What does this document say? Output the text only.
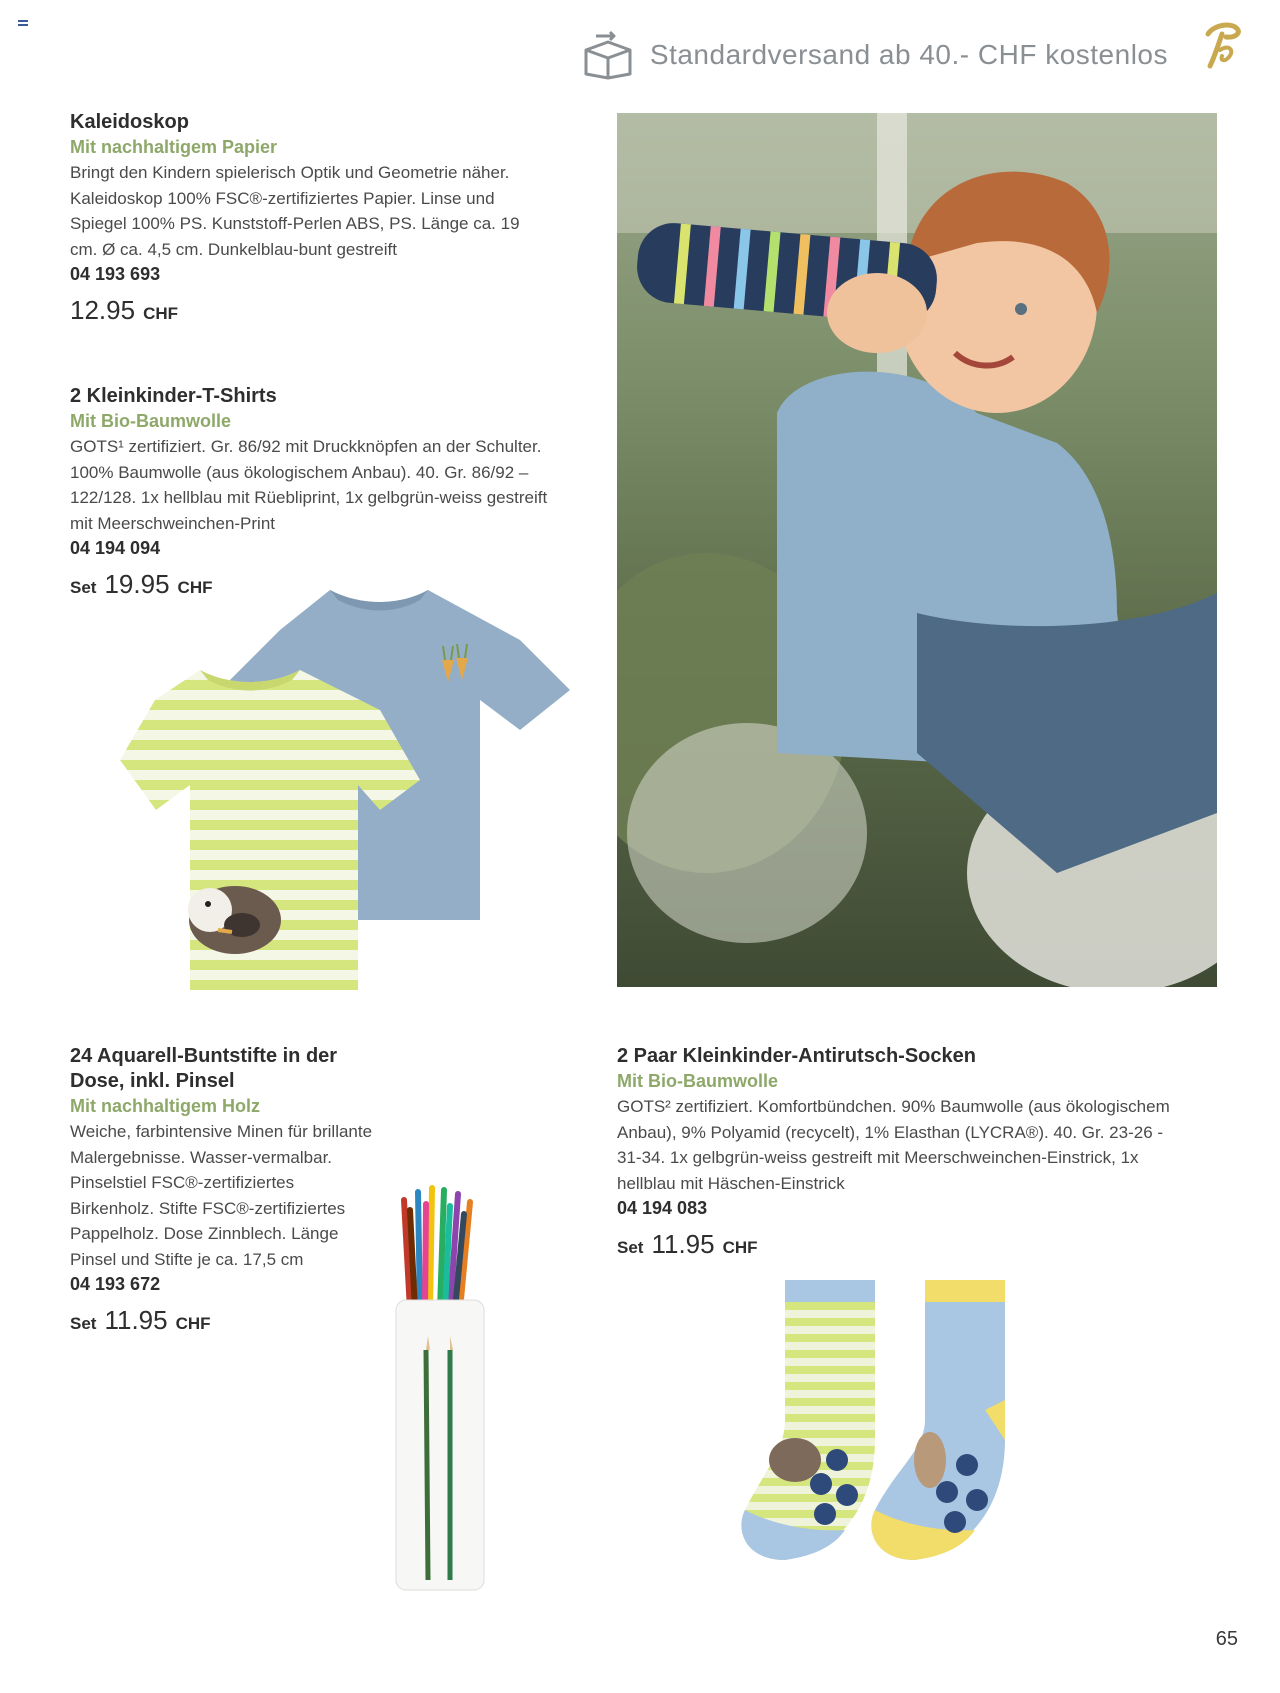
Standardversand ab 40.- CHF kostenlos
Kaleidoskop
Mit nachhaltigem Papier
Bringt den Kindern spielerisch Optik und Geometrie näher. Kaleidoskop 100% FSC®-zertifiziertes Papier. Linse und Spiegel 100% PS. Kunststoff-Perlen ABS, PS. Länge ca. 19 cm. Ø ca. 4,5 cm. Dunkelblau-bunt gestreift
04 193 693
12.95 CHF
2 Kleinkinder-T-Shirts
Mit Bio-Baumwolle
GOTS¹ zertifiziert. Gr. 86/92 mit Druckknöpfen an der Schulter. 100% Baumwolle (aus ökologischem Anbau). 40. Gr. 86/92 – 122/128. 1x hellblau mit Rüebliprint, 1x gelbgrün-weiss gestreift mit Meerschweinchen-Print
04 194 094
Set 19.95 CHF
24 Aquarell-Buntstifte in der Dose, inkl. Pinsel
Mit nachhaltigem Holz
Weiche, farbintensive Minen für brillante Malergebnisse. Wasser-vermalbar. Pinselstiel FSC®-zertifiziertes Birkenholz. Stifte FSC®-zertifiziertes Pappelholz. Dose Zinnblech. Länge Pinsel und Stifte je ca. 17,5 cm
04 193 672
Set 11.95 CHF
2 Paar Kleinkinder-Antirutsch-Socken
Mit Bio-Baumwolle
GOTS² zertifiziert. Komfortbündchen. 90% Baumwolle (aus ökologischem Anbau), 9% Polyamid (recycelt), 1% Elasthan (LYCRA®). 40. Gr. 23-26 - 31-34. 1x gelbgrün-weiss gestreift mit Meerschweinchen-Einstrick, 1x hellblau mit Häschen-Einstrick
04 194 083
Set 11.95 CHF
65
